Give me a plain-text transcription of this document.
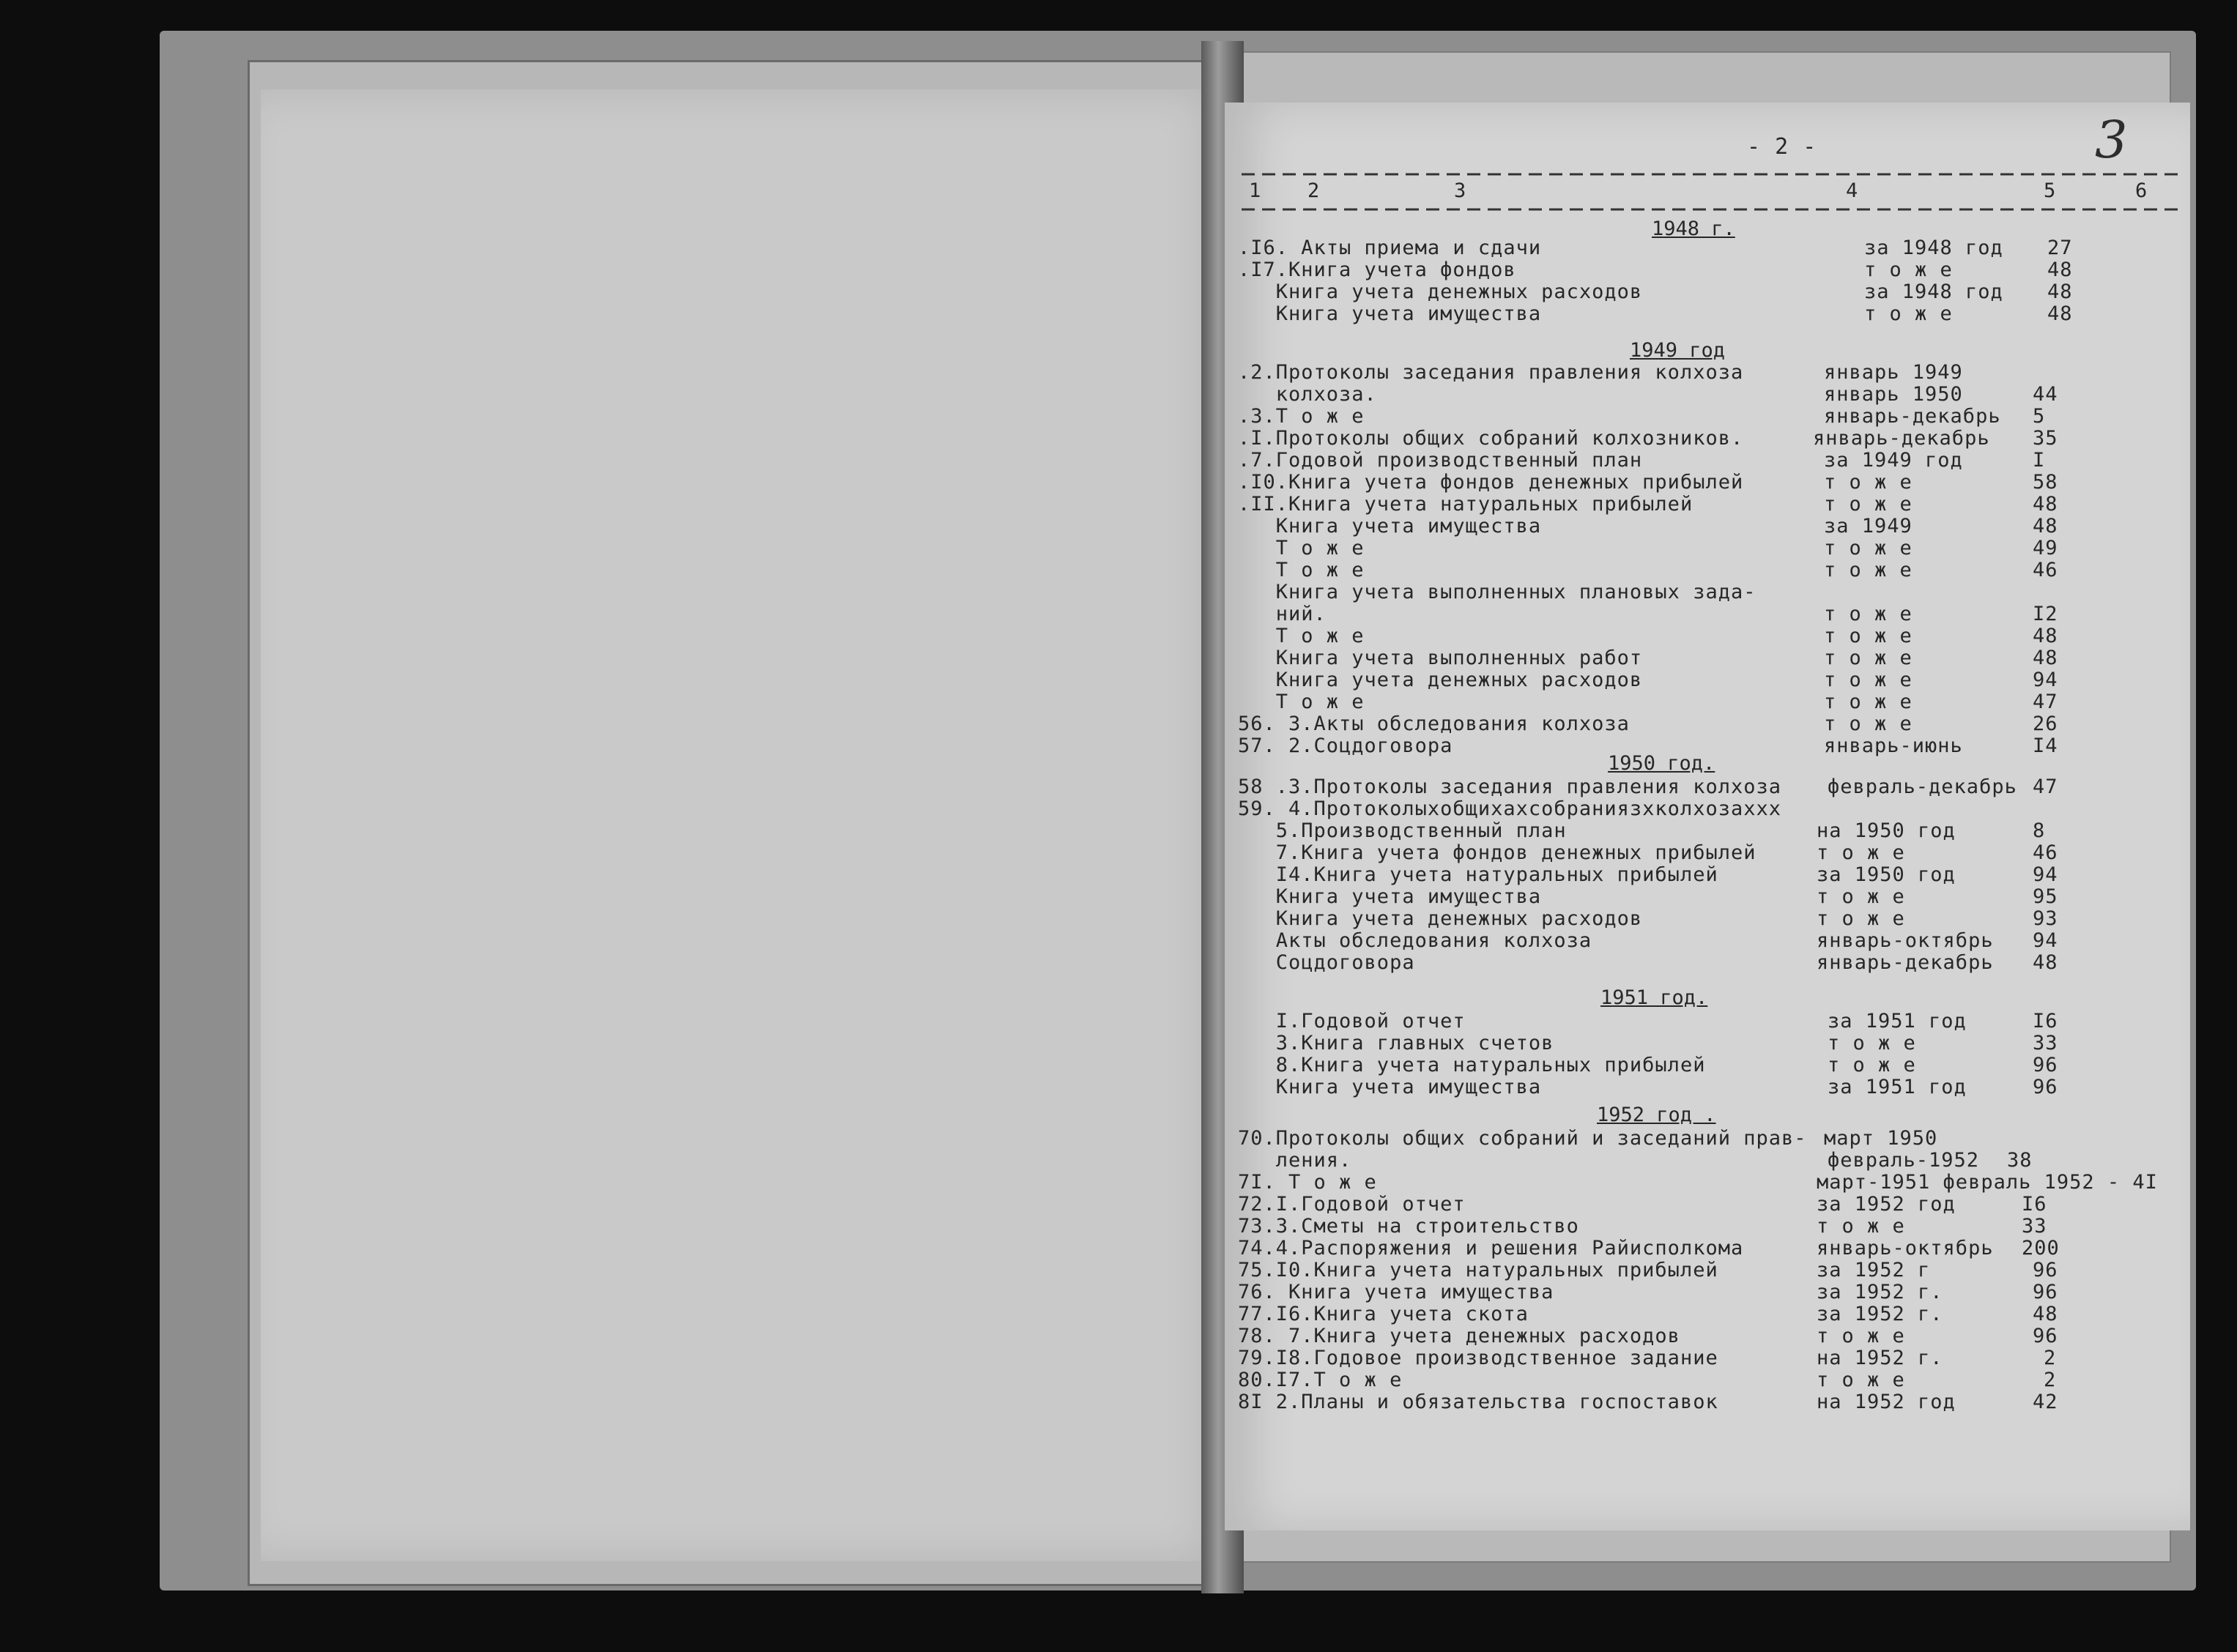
- 2 -	3
1 2	3	4	5	6
1948 г.
1949 год
1950 год.
1951 год.
1952 год .
.I6. Акты приема и сдачи	за 1948 год 27
.I7.Книга учета фондов	т о ж е	48
Книга учета денежных расходов	за 1948 год 48
Книга учета имущества	т о ж е	48
.2.Протоколы заседания правления колхоза	январь 1949
колхоза.	январь 1950	44
.3.Т о ж е	январь-декабрь 5
.I.Протоколы общих собраний колхозников.	январь-декабрь 35
.7.Годовой производственный план	за 1949 год	I
.I0.Книга учета фондов денежных прибылей	т о ж е	58
.II.Книга учета натуральных прибылей	т о ж е	48
Книга учета имущества	за 1949	48
Т о ж е	т о ж е	49
Т о ж е	т о ж е	46
Книга учета выполненных плановых зада-
ний.	т о ж е	I2
Т о ж е	т о ж е	48
Книга учета выполненных работ	т о ж е	48
Книга учета денежных расходов	т о ж е	94
Т о ж е	т о ж е	47
56. 3.Акты обследования колхоза	т о ж е	26
57. 2.Соцдоговора	январь-июнь	I4
58 .3.Протоколы заседания правления колхоза февраль-декабрь 47
59. 4.Протоколыхобщихахсобраниязхколхозаххх
5.Производственный план	на 1950 год	8
7.Книга учета фондов денежных прибылей	т о ж е	46
I4.Книга учета натуральных прибылей	за 1950 год	94
Книга учета имущества	т о ж е	95
Книга учета денежных расходов	т о ж е	93
Акты обследования колхоза	январь-октябрь 94
Соцдоговора	январь-декабрь 48
I.Годовой отчет	за 1951 год	I6
3.Книга главных счетов	т о ж е	33
8.Книга учета натуральных прибылей	т о ж е	96
Книга учета имущества	за 1951 год	96
70.Протоколы общих собраний и заседаний прав- март 1950
ления.	февраль-1952 38
7I. Т о ж е	март-1951 февраль 1952 - 4I
72.I.Годовой отчет	за 1952 год	I6
73.3.Сметы на строительство	т о ж е	33
74.4.Распоряжения и решения Райисполкома	январь-октябрь 200
75.I0.Книга учета натуральных прибылей	за 1952 г	96
76. Книга учета имущества	за 1952 г.	96
77.I6.Книга учета скота	за 1952 г.	48
78. 7.Книга учета денежных расходов	т о ж е	96
79.I8.Годовое производственное задание	на 1952 г.	2
80.I7.Т о ж е	т о ж е	2
8I 2.Планы и обязательства госпоставок	на 1952 год	42
